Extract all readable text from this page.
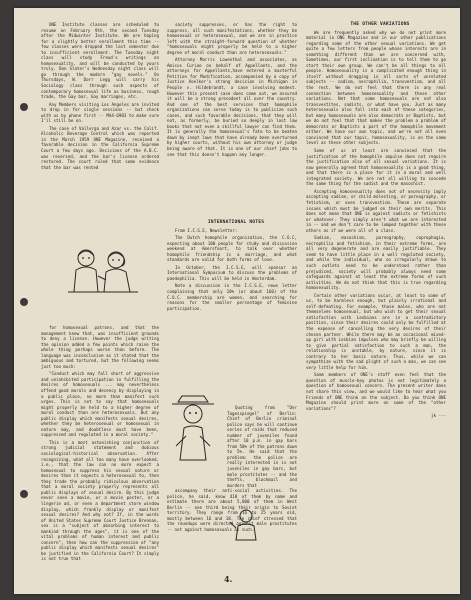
ONE Institute classes are scheduled to resume on February 9th, the second Tuesday after the Midwinter Institute. We are hoping for a slightly better enrollment this time -- few classes were dropped the last semester due to insufficient enrollment. The Tuesday night class will study Freud's writings on homosexuality, and will be conducted by yours truly. Don Slater's Wednesday night class will go through the modern "gay novels." On Thursdays, W. Dorr Legg will carry his Sociology class through such aspects of contemporary homosexual life as business, rough trade, the Gay bar, Gay marriages, etc.

Any Members visiting Los Angeles are invited to drop in for single sessions -- but check with us by phone first -- MA4-6983 to make sure I'll still be on.

The case of Vallerga and Azar vs. the Calif. Alcoholic Beverage Control which was reported in the March 1959 ONE Magazine, received a favorable decision in the California Supreme Court a few days ago. Decisions of the A.B.C. was reversed, and the bar's license ordered restored. The court ruled that some evidence that the bar was rented

for homosexual patrons, and that the management knew that, was insufficient grounds to deny a license. However the judge writing the opinion added a few points which raise the whole thing perhaps worse than before. The language was inconclusive as it stated that the ambiguous and tortured, but the following seems just too much:

"Conduct which may fall short of aggressive and uninhibited participation in fulfilling the desires of homosexuals ... may nevertheless offend good morals and decency by displaying in a public place, no more than manifest such urges. This is not to say that homosexuals might properly be held to a higher degree of moral conduct than are heterosexuals. But any public display which manifests sexual desires, whether they be heterosexual or homosexual in nature may, and doubtless must have been, suppressed and regulated in a moral society."

This is a most astonishing conjunction of strong judicial statement and dubious sociological-historical observation. After recognizing, what all too many have overlooked, i.e., that the law can no more expect a homosexual to suppress his sexual nature or desires than it expects a heterosexual to, then they trade the probably ridiculous observation that a moral society properly represents all public displays of sexual desire. By this judge never seen a movie, or a movie poster, or a lingerie ad, or even a department store window display, which frankly display or manifest sexual desires? And why not? If, in the words of United States Supreme Court Justice Brennan, sex is a "subject of absorbing interest to mankind through the ages", it is one of the vital problems of human interest and public concern", then how can the suppression of "any public display which manifests sexual desires" be justified in the California Court? It simply is not true that

society suppresses, or has the right to suppress, all such manifestations, whether they be homosexual or heterosexual, and we are in practice left with the straight-forward question of whether "homosexuals might properly be held to a higher degree of moral conduct than are heterosexuals."

Attorney Morris Lowenthal and associates, as Amicus Curiae on behalf of Appellants, and the attorneys for Appellants,have entered a masterful Petition for Modification, accompanied by a copy of Justice Voelker's strong decision in Michigan in People v. Hildebrandt, a case involving modest. However this present case does come out, we assured it will be a strong precedent all over the country. And one of the best services that homophile organizations can serve today is to publicize such cases, and such favorable decisions, that they will not, as formerly, be buried so deeply in lost law books that not even a skillful lawyer can find them. It is generally the homosexual's fate to be beaten down by inept laws that have already been overturned by higher courts, without his own attorney or judge being aware of that. It is one of our chief jobs to see that this doesn't happen any longer.

INTERNATIONAL NOTES

From I.C.S.E, Newsletter:

The Dutch homophile organization, the C.O.C, expecting about 100 people for study and discussion weekend at Amersfoort, to talk over whether homophile friendship is a marriage, and what standards are valid for both forms of love.

In October, the I.C.S.E, will sponsor an International Symposium to discuss the problems of paedophilia. This will be held in Amsterdam.

Note a discussion in the I.C.S.E, news letter complaining that only 10% (or about 160) of the C.O.C. membership are women, and searching for reasons for the smaller percentage of feminine participation.

Quoting from "Der Tagesspiegel" of Berlin: Chief of Berlin criminal police says he will continue series of raids that reduced number of juveniles found after 10 p.m. in gay bars from 50% of the patrons down to 5%. He said that the problem: the police are really interested in is not juveniles in gay bars, but male prostitutes -- and the thefts, blackmail and murders that

accompany their anti-social activities. The police, he said, know 410 of them by name and estimate there are about 5,000 of them in West Berlin -- one third being their origin to Soviet territory. They range from 16 to 25 years old, mostly between 16 and 18. The chief stressed that the roundups were directed against male prostitutes -- not against homosexuals as such.

THE OTHER VARIATIONS

We are frequently asked why we do not print more material in ONE Magazine and in our other publications regarding some of the other sexual variations. We get quite a few letters from people whose interests are in something different than we are concerned with, Sometimes, our first inclination is to tell them to go start their own group. We can't be all things to all people. Homosexuality is a complicated enough thing in itself without dragging in all sorts of unrelated subjects -- sadism, necrophilia, transvestism, and all the rest. We do not feel that there is any real connection between homosexuality and these other variations. Not that some homosexuals are not also transvestites, sadists, or what have you. Just as many heterosexuals also fall into each of these categories, but many homosexuals are also democrats or Baptists, but we do not feel that that makes the problem a problem of democrats or Baptists a part of the homophile movement either. We have our own topic, and we're not all even convinced that our topic, homosexuality, is on the same level as these other subjects.

Some of us at least are convinced that the justification of the homophile impulse does not require the justification also of all sexual variations. It is now generally agreed that homosexuality is a good thing, and that there is a place for it in a moral and well integrated society. We are not all willing to concede the same thing for the sadist and the masochist.

Accepting homosexuality does not of necessity imply accepting sadism, or child molesting, or pornography, or fetishism, or even transvestism. These are separate issues which must be judged on their own merits. This does not mean that ONE is against sadists or fetishists or whatever. They simply aren't what we are interested in -- and we don't care to be lumped together with these others as if we were all of a class.

Sadism, masochism, pornography, coprophagia, necrophilia and fetishism, in their extreme forms, are all very degenerate and are easily justifiable. They seem to have little place in a well regulated society, and while the individual, who so irregularly drawn to such outlets need to be understood rather than prejudiced, society will probably always need some safeguards against at least the extreme forms of such activities. We do not think that this is true regarding homosexuality.

Certain other variations occur, at least to some of us, to be harmless enough, but plainly irrational and self-defeating. For example, those males, who are not themselves homosexual, but who wish to get their sexual satisfaction with Lesbians are in a contradictory position, since their desires could only be fulfilled at the expense of cancelling the very desires of their chosen partner. While there may be an occasional mixed-up girl with Lesbian impulses who may briefly be willing to give partial satisfaction to such a man, the relationship is unstable, by nature, since it is contrary to her basic nature. Thus, while we can sympathize with the sad plight of such a man, we can see very little help for him.

Some members of ONE's staff even feel that the question of muscle-boy photos is not legitimately a question of homosexual concern. The present writer does not share this view, and we would like to hear what you Friends of ONE think on the subject. Do you think ONE Magazine should print more on some of the "other variations"?

jk ---

4.
